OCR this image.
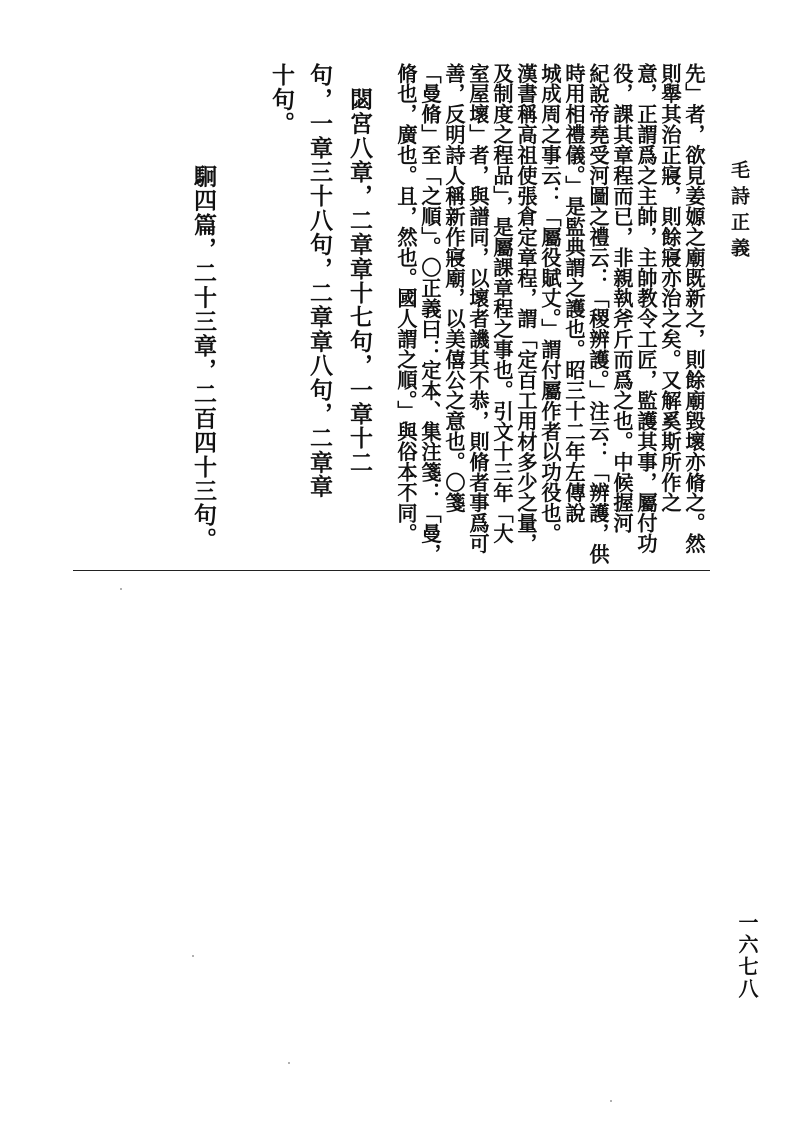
毛詩正義
先」者，欲見姜嫄之廟既新之，則餘廟毀壞亦脩之。然
則舉其治正寢，則餘寢亦治之矣。又解奚斯所作之
意，正謂爲之主帥，主帥教令工匠，監護其事，屬付功
役，課其章程而已，非親執斧斤而爲之也。中候握河
紀說帝堯受河圖之禮云：「稷辨護。」注云：「辨護，供
時用相禮儀。」是監典謂之護也。昭三十二年左傳說
城成周之事云：「屬役賦丈。」謂付屬作者以功役也。
漢書稱高祖使張倉定章程，謂「定百工用材多少之量，
及制度之程品」，是屬課章程之事也。引文十三年「大
室屋壞」者，與譜同，以壞者譏其不恭，則脩者事爲可
善，反明詩人稱新作寢廟，以美僖公之意也。〇箋
「曼脩」至「之順」。〇正義曰：定本、集注箋：「曼，
脩也，廣也。且，然也。國人謂之順。」與俗本不同。
　閟宮八章，二章章十七句，一章十二
句，一章三十八句，二章章八句，二章章
十句。
　駉四篇，二十三章，二百四十三句。
一六七八
